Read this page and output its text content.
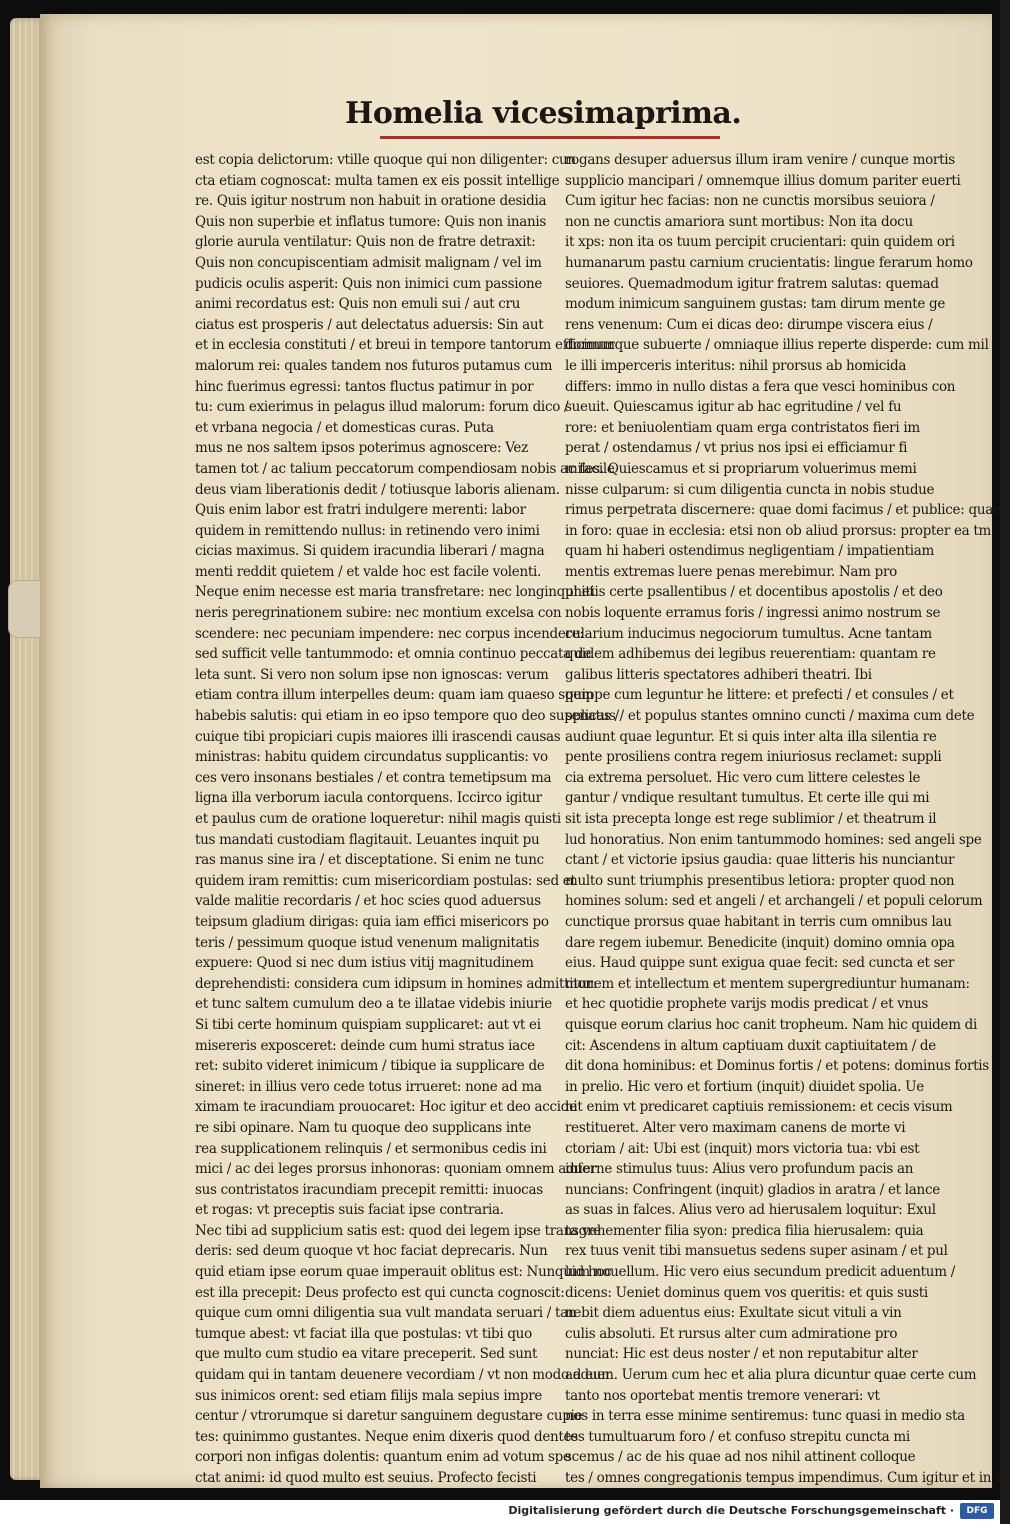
Homelia vicesimaprima.
est copia delictorum: vtille quoque qui non diligenter: cun
cta etiam cognoscat: multa tamen ex eis possit intellige
re. Quis igitur nostrum non habuit in oratione desidia
Quis non superbie et inflatus tumore: Quis non inanis
glorie aurula ventilatur: Quis non de fratre detraxit:
Quis non concupiscentiam admisit malignam / vel im
pudicis oculis asperit: Quis non inimici cum passione
animi recordatus est: Quis non emuli sui / aut cru
ciatus est prosperis / aut delectatus aduersis: Sin aut
et in ecclesia constituti / et breui in tempore tantorum efficimur
malorum rei: quales tandem nos futuros putamus cum
hinc fuerimus egressi: tantos fluctus patimur in por
tu: cum exierimus in pelagus illud malorum: forum dico /
et vrbana negocia / et domesticas curas. Puta
mus ne nos saltem ipsos poterimus agnoscere: Vez
tamen tot / ac talium peccatorum compendiosam nobis ac facile
deus viam liberationis dedit / totiusque laboris alienam.
Quis enim labor est fratri indulgere merenti: labor
quidem in remittendo nullus: in retinendo vero inimi
cicias maximus. Si quidem iracundia liberari / magna
menti reddit quietem / et valde hoc est facile volenti.
Neque enim necesse est maria transfretare: nec longinqui iti
neris peregrinationem subire: nec montium excelsa con
scendere: nec pecuniam impendere: nec corpus incendere:
sed sufficit velle tantummodo: et omnia continuo peccata de
leta sunt. Si vero non solum ipse non ignoscas: verum
etiam contra illum interpelles deum: quam iam quaeso spem
habebis salutis: qui etiam in eo ipso tempore quo deo supplicas /
cuique tibi propiciari cupis maiores illi irascendi causas
ministras: habitu quidem circundatus supplicantis: vo
ces vero insonans bestiales / et contra temetipsum ma
ligna illa verborum iacula contorquens. Iccirco igitur
et paulus cum de oratione loqueretur: nihil magis quisti
tus mandati custodiam flagitauit. Leuantes inquit pu
ras manus sine ira / et disceptatione. Si enim ne tunc
quidem iram remittis: cum misericordiam postulas: sed et
valde malitie recordaris / et hoc scies quod aduersus
teipsum gladium dirigas: quia iam effici misericors po
teris / pessimum quoque istud venenum malignitatis
expuere: Quod si nec dum istius vitij magnitudinem
deprehendisti: considera cum idipsum in homines admittitur:
et tunc saltem cumulum deo a te illatae videbis iniurie
Si tibi certe hominum quispiam supplicaret: aut vt ei
misereris exposceret: deinde cum humi stratus iace
ret: subito videret inimicum / tibique ia supplicare de
sineret: in illius vero cede totus irrueret: none ad ma
ximam te iracundiam prouocaret: Hoc igitur et deo accide
re sibi opinare. Nam tu quoque deo supplicans inte
rea supplicationem relinquis / et sermonibus cedis ini
mici / ac dei leges prorsus inhonoras: quoniam omnem aduer
sus contristatos iracundiam precepit remitti: inuocas
et rogas: vt preceptis suis faciat ipse contraria.
Nec tibi ad supplicium satis est: quod dei legem ipse transgre
deris: sed deum quoque vt hoc faciat deprecaris. Nun
quid etiam ipse eorum quae imperauit oblitus est: Nunquid hoc
est illa precepit: Deus profecto est qui cuncta cognoscit:
quique cum omni diligentia sua vult mandata seruari / tan
tumque abest: vt faciat illa que postulas: vt tibi quo
que multo cum studio ea vitare preceperit. Sed sunt
quidam qui in tantam deuenere vecordiam / vt non modo aduer
sus inimicos orent: sed etiam filijs mala sepius impre
centur / vtrorumque si daretur sanguinem degustare cupie
tes: quinimmo gustantes. Neque enim dixeris quod dentes
corpori non infigas dolentis: quantum enim ad votum spe
ctat animi: id quod multo est seuius. Profecto fecisti
rogans desuper aduersus illum iram venire / cunque mortis
supplicio mancipari / omnemque illius domum pariter euerti
Cum igitur hec facias: non ne cunctis morsibus seuiora /
non ne cunctis amariora sunt mortibus: Non ita docu
it xps: non ita os tuum percipit crucientari: quin quidem ori
humanarum pastu carnium crucientatis: lingue ferarum homo
seuiores. Quemadmodum igitur fratrem salutas: quemad
modum inimicum sanguinem gustas: tam dirum mente ge
rens venenum: Cum ei dicas deo: dirumpe viscera eius /
domumque subuerte / omniaque illius reperte disperde: cum mil
le illi imperceris interitus: nihil prorsus ab homicida
differs: immo in nullo distas a fera que vesci hominibus con
sueuit. Quiescamus igitur ab hac egritudine / vel fu
rore: et beniuolentiam quam erga contristatos fieri im
perat / ostendamus / vt prius nos ipsi ei efficiamur fi
miles. Quiescamus et si propriarum voluerimus memi
nisse culparum: si cum diligentia cuncta in nobis studue
rimus perpetrata discernere: quae domi facimus / et publice: quae
in foro: quae in ecclesia: etsi non ob aliud prorsus: propter ea tm
quam hi haberi ostendimus negligentiam / impatientiam
mentis extremas luere penas merebimur. Nam pro
phetis certe psallentibus / et docentibus apostolis / et deo
nobis loquente erramus foris / ingressi animo nostrum se
cularium inducimus negociorum tumultus. Acne tantam
quidem adhibemus dei legibus reuerentiam: quantam re
galibus litteris spectatores adhiberi theatri. Ibi
quippe cum leguntur he littere: et prefecti / et consules / et
senatus / et populus stantes omnino cuncti / maxima cum dete
audiunt quae leguntur. Et si quis inter alta illa silentia re
pente prosiliens contra regem iniuriosus reclamet: suppli
cia extrema persoluet. Hic vero cum littere celestes le
gantur / vndique resultant tumultus. Et certe ille qui mi
sit ista precepta longe est rege sublimior / et theatrum il
lud honoratius. Non enim tantummodo homines: sed angeli spe
ctant / et victorie ipsius gaudia: quae litteris his nunciantur
multo sunt triumphis presentibus letiora: propter quod non
homines solum: sed et angeli / et archangeli / et populi celorum
cunctique prorsus quae habitant in terris cum omnibus lau
dare regem iubemur. Benedicite (inquit) domino omnia opa
eius. Haud quippe sunt exigua quae fecit: sed cuncta et ser
monem et intellectum et mentem supergrediuntur humanam:
et hec quotidie prophete varijs modis predicat / et vnus
quisque eorum clarius hoc canit tropheum. Nam hic quidem di
cit: Ascendens in altum captiuam duxit captiuitatem / de
dit dona hominibus: et Dominus fortis / et potens: dominus fortis
in prelio. Hic vero et fortium (inquit) diuidet spolia. Ue
nit enim vt predicaret captiuis remissionem: et cecis visum
restitueret. Alter vero maximam canens de morte vi
ctoriam / ait: Ubi est (inquit) mors victoria tua: vbi est
inferne stimulus tuus: Alius vero profundum pacis an
nuncians: Confringent (inquit) gladios in aratra / et lance
as suas in falces. Alius vero ad hierusalem loquitur: Exul
ta vehementer filia syon: predica filia hierusalem: quia
rex tuus venit tibi mansuetus sedens super asinam / et pul
lum nouellum. Hic vero eius secundum predicit aduentum /
dicens: Ueniet dominus quem vos queritis: et quis susti
nebit diem aduentus eius: Exultate sicut vituli a vin
culis absoluti. Et rursus alter cum admiratione pro
nunciat: Hic est deus noster / et non reputabitur alter
ad eum. Uerum cum hec et alia plura dicuntur quae certe cum
tanto nos oportebat mentis tremore venerari: vt
nos in terra esse minime sentiremus: tunc quasi in medio sta
tes tumultuarum foro / et confuso strepitu cuncta mi
scemus / ac de his quae ad nos nihil attinent colloque
tes / omnes congregationis tempus impendimus. Cum igitur et in ex
Digitalisierung gefördert durch die Deutsche Forschungsgemeinschaft ·	DFG
